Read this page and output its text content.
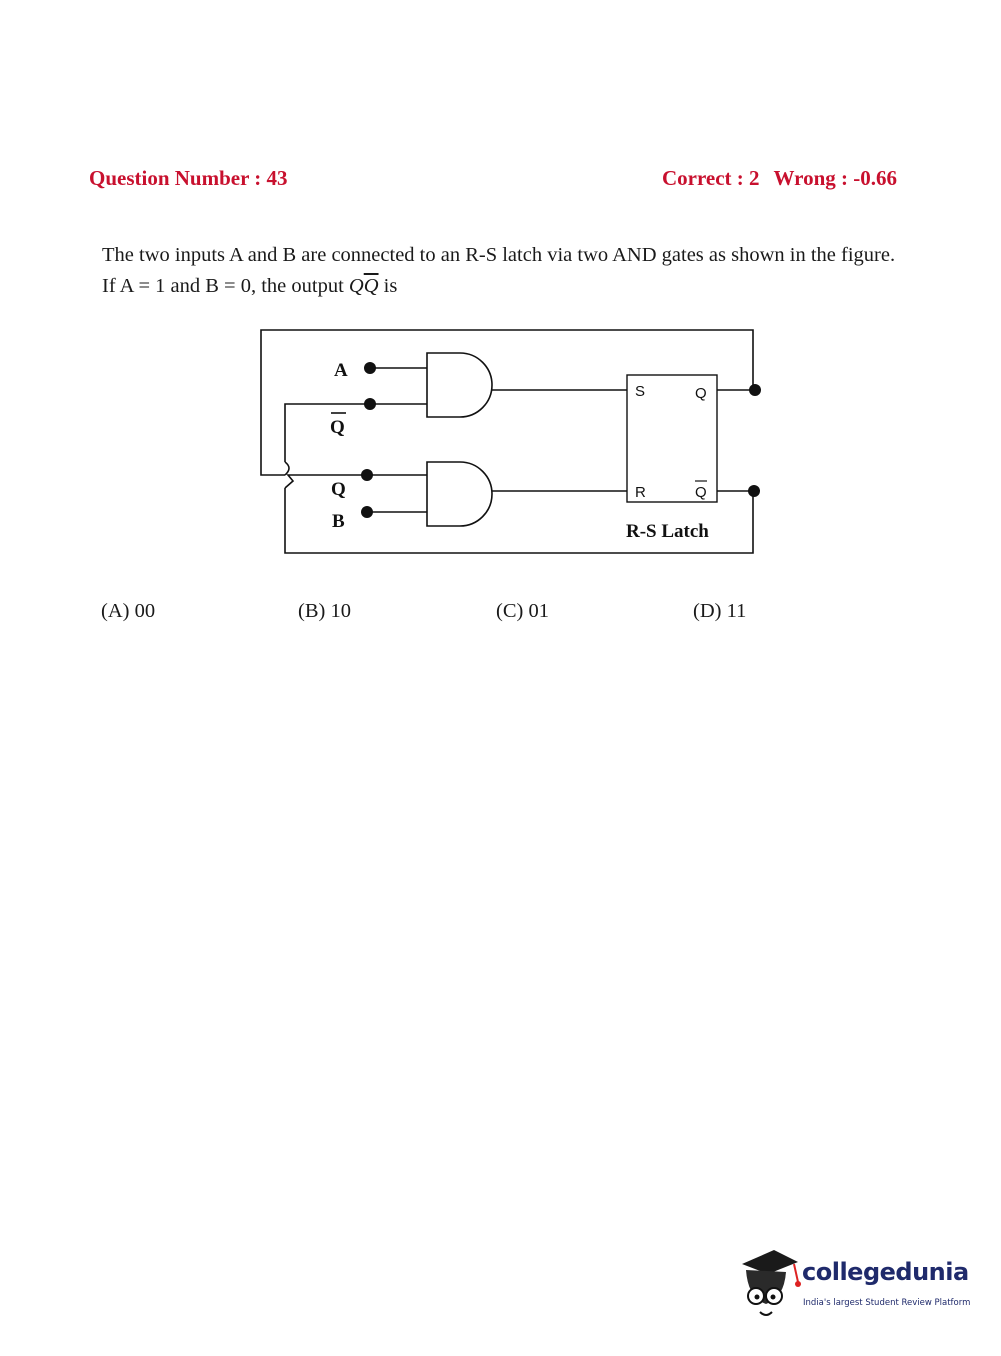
Question Number : 43	Correct : 2 Wrong : -0.66
The two inputs A and B are connected to an R-S latch via two AND gates as shown in the figure. If A = 1 and B = 0, the output $Q\overline{Q}$ is
A
Q
Q
B	R-S Latch
S	Q
R	Q
(A) 00	(B) 10	(C) 01	(D) 11
collegedunia
India's largest Student Review Platform
